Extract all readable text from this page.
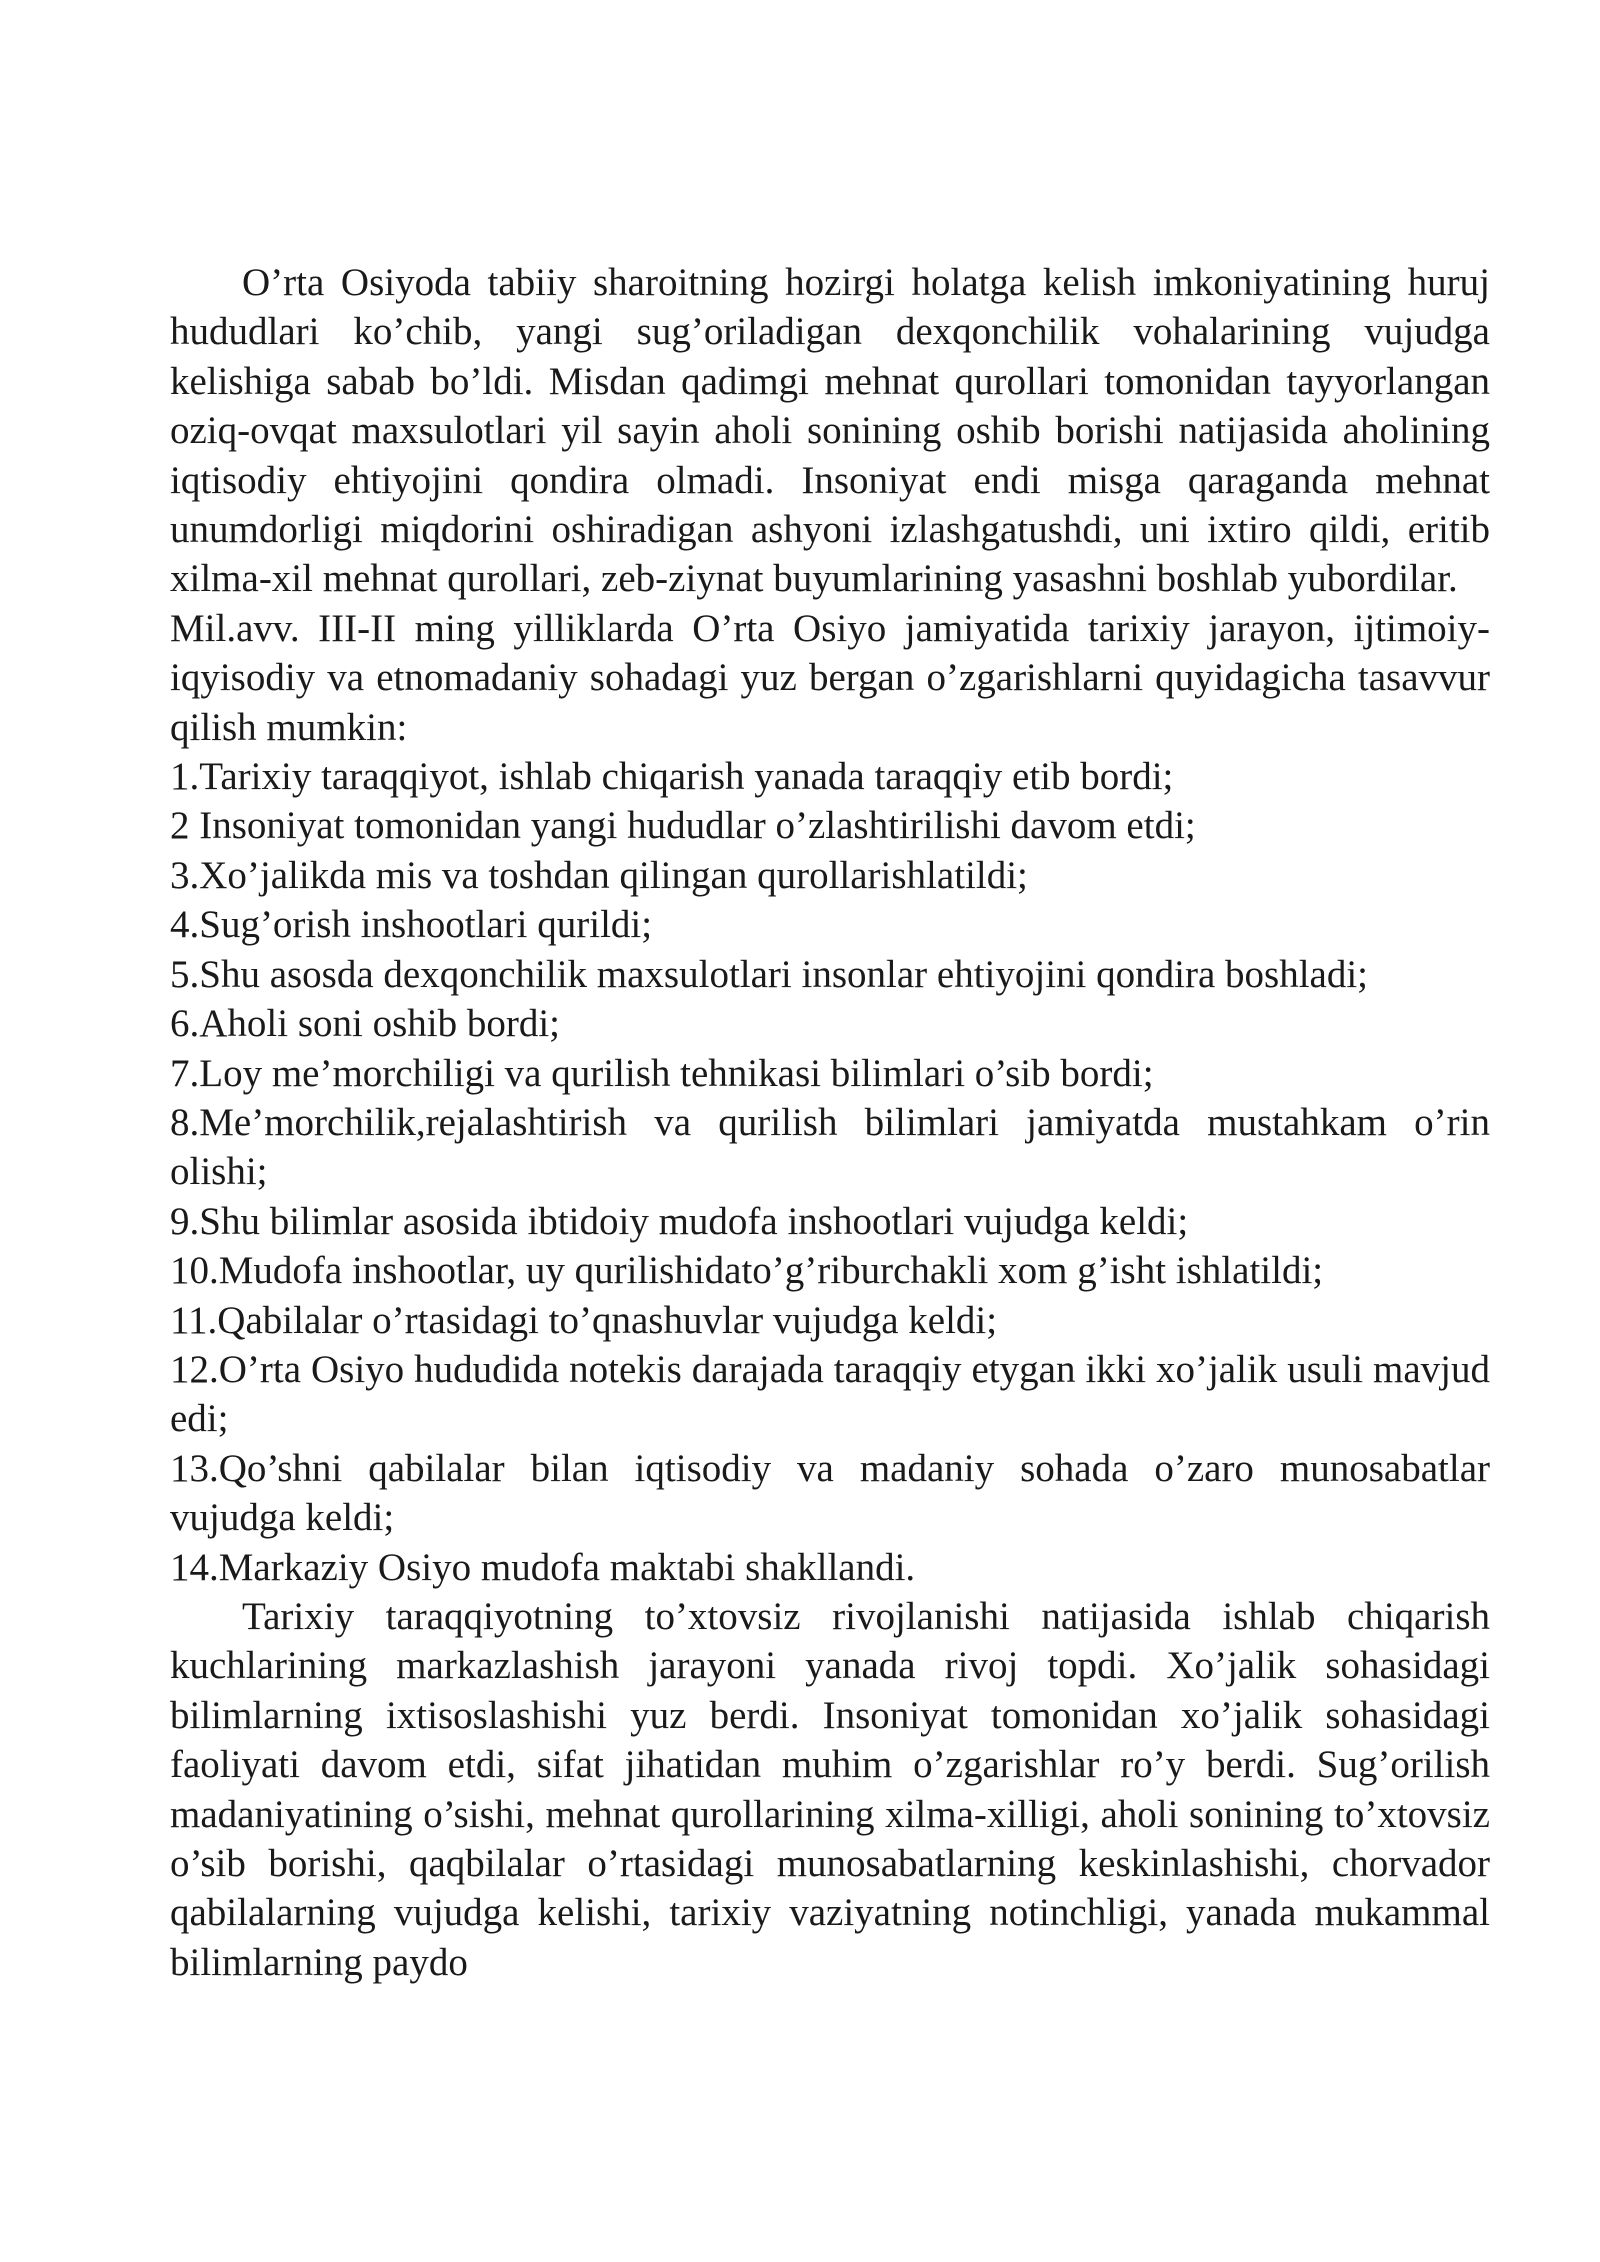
O’rta Osiyoda tabiiy sharoitning hozirgi holatga kelish imkoniyatining huruj hududlari ko’chib, yangi sug’oriladigan dexqonchilik vohalarining vujudga kelishiga sabab bo’ldi. Misdan qadimgi mehnat qurollari tomonidan tayyorlangan oziq-ovqat maxsulotlari yil sayin aholi sonining oshib borishi natijasida aholining iqtisodiy ehtiyojini qondira olmadi. Insoniyat endi misga qaraganda mehnat unumdorligi miqdorini oshiradigan ashyoni izlashgatushdi, uni ixtiro qildi, eritib xilma-xil mehnat qurollari, zeb-ziynat buyumlarining yasashni boshlab yubordilar.

Mil.avv. III-II ming yilliklarda O’rta Osiyo jamiyatida tarixiy jarayon, ijtimoiy-iqyisodiy va etnomadaniy sohadagi yuz bergan o’zgarishlarni quyidagicha tasavvur qilish mumkin:

1.Tarixiy taraqqiyot, ishlab chiqarish yanada taraqqiy etib bordi;

2 Insoniyat tomonidan yangi hududlar o’zlashtirilishi davom etdi;

3.Xo’jalikda mis va toshdan qilingan qurollarishlatildi;

4.Sug’orish inshootlari qurildi;

5.Shu asosda dexqonchilik maxsulotlari insonlar ehtiyojini qondira boshladi;

6.Aholi soni oshib bordi;

7.Loy me’morchiligi va qurilish tehnikasi bilimlari o’sib bordi;

8.Me’morchilik,rejalashtirish va qurilish bilimlari jamiyatda mustahkam o’rin olishi;

9.Shu bilimlar asosida ibtidoiy mudofa inshootlari vujudga keldi;

10.Mudofa inshootlar, uy qurilishidato’g’riburchakli xom g’isht ishlatildi;

11.Qabilalar o’rtasidagi to’qnashuvlar vujudga keldi;

12.O’rta Osiyo hududida notekis darajada taraqqiy etygan ikki xo’jalik usuli mavjud edi;

13.Qo’shni qabilalar bilan iqtisodiy va madaniy sohada o’zaro munosabatlar vujudga keldi;

14.Markaziy Osiyo mudofa maktabi shakllandi.

Tarixiy taraqqiyotning to’xtovsiz rivojlanishi natijasida ishlab chiqarish kuchlarining markazlashish jarayoni yanada rivoj topdi. Xo’jalik sohasidagi bilimlarning ixtisoslashishi yuz berdi. Insoniyat tomonidan xo’jalik sohasidagi faoliyati davom etdi, sifat jihatidan muhim o’zgarishlar ro’y berdi. Sug’orilish madaniyatining o’sishi, mehnat qurollarining xilma-xilligi, aholi sonining to’xtovsiz o’sib borishi, qaqbilalar o’rtasidagi munosabatlarning keskinlashishi, chorvador qabilalarning vujudga kelishi, tarixiy vaziyatning notinchligi, yanada mukammal bilimlarning paydo
